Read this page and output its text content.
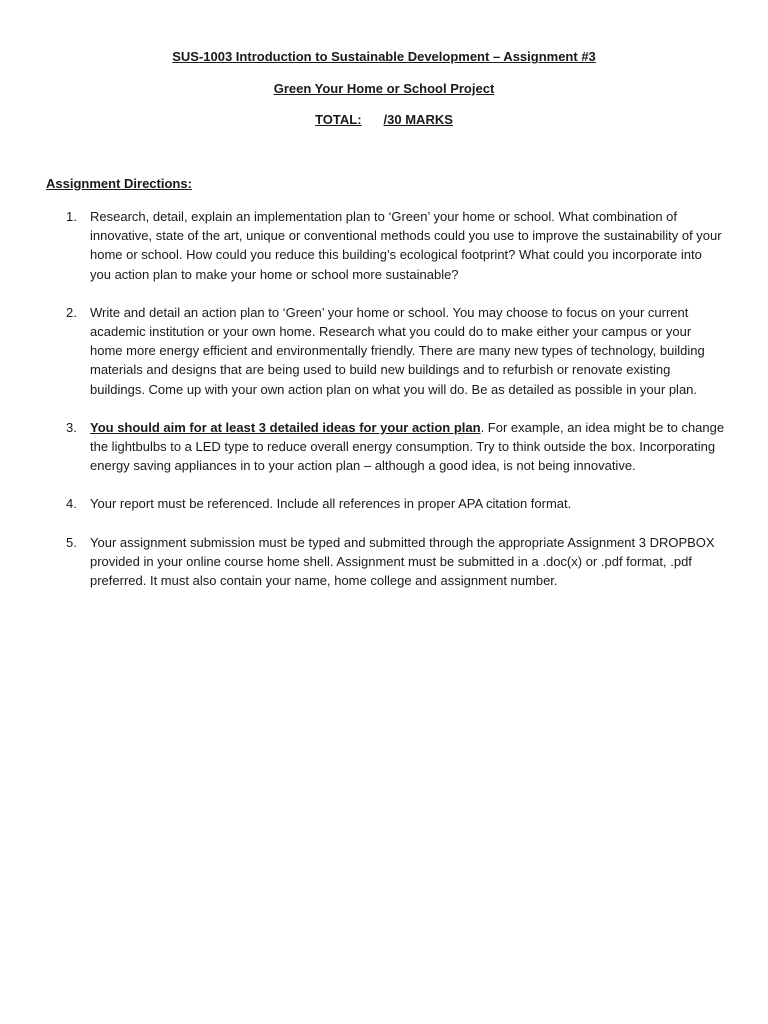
SUS-1003 Introduction to Sustainable Development – Assignment #3
Green Your Home or School Project
TOTAL: /30 MARKS
Assignment Directions:
1. Research, detail, explain an implementation plan to ‘Green’ your home or school. What combination of innovative, state of the art, unique or conventional methods could you use to improve the sustainability of your home or school. How could you reduce this building’s ecological footprint? What could you incorporate into you action plan to make your home or school more sustainable?
2. Write and detail an action plan to ‘Green’ your home or school. You may choose to focus on your current academic institution or your own home. Research what you could do to make either your campus or your home more energy efficient and environmentally friendly. There are many new types of technology, building materials and designs that are being used to build new buildings and to refurbish or renovate existing buildings. Come up with your own action plan on what you will do. Be as detailed as possible in your plan.
3. You should aim for at least 3 detailed ideas for your action plan. For example, an idea might be to change the lightbulbs to a LED type to reduce overall energy consumption. Try to think outside the box. Incorporating energy saving appliances in to your action plan – although a good idea, is not being innovative.
4. Your report must be referenced. Include all references in proper APA citation format.
5. Your assignment submission must be typed and submitted through the appropriate Assignment 3 DROPBOX provided in your online course home shell. Assignment must be submitted in a .doc(x) or .pdf format, .pdf preferred. It must also contain your name, home college and assignment number.
